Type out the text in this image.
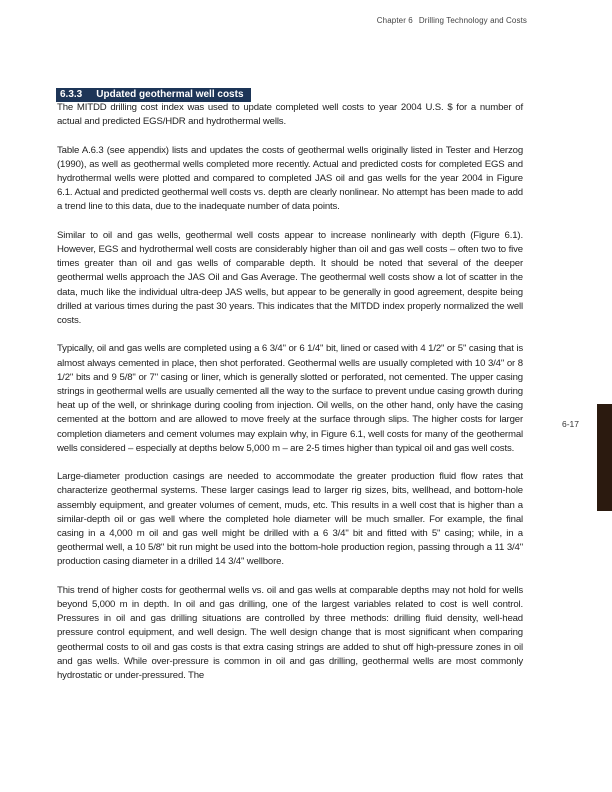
Chapter 6 Drilling Technology and Costs
6.3.3 Updated geothermal well costs

The MITDD drilling cost index was used to update completed well costs to year 2004 U.S. $ for a number of actual and predicted EGS/HDR and hydrothermal wells.

Table A.6.3 (see appendix) lists and updates the costs of geothermal wells originally listed in Tester and Herzog (1990), as well as geothermal wells completed more recently. Actual and predicted costs for completed EGS and hydrothermal wells were plotted and compared to completed JAS oil and gas wells for the year 2004 in Figure 6.1. Actual and predicted geothermal well costs vs. depth are clearly nonlinear. No attempt has been made to add a trend line to this data, due to the inadequate number of data points.

Similar to oil and gas wells, geothermal well costs appear to increase nonlinearly with depth (Figure 6.1). However, EGS and hydrothermal well costs are considerably higher than oil and gas well costs – often two to five times greater than oil and gas wells of comparable depth. It should be noted that several of the deeper geothermal wells approach the JAS Oil and Gas Average. The geothermal well costs show a lot of scatter in the data, much like the individual ultra-deep JAS wells, but appear to be generally in good agreement, despite being drilled at various times during the past 30 years. This indicates that the MITDD index properly normalized the well costs.

Typically, oil and gas wells are completed using a 6 3/4" or 6 1/4" bit, lined or cased with 4 1/2" or 5" casing that is almost always cemented in place, then shot perforated. Geothermal wells are usually completed with 10 3/4" or 8 1/2" bits and 9 5/8" or 7" casing or liner, which is generally slotted or perforated, not cemented. The upper casing strings in geothermal wells are usually cemented all the way to the surface to prevent undue casing growth during heat up of the well, or shrinkage during cooling from injection. Oil wells, on the other hand, only have the casing cemented at the bottom and are allowed to move freely at the surface through slips. The higher costs for larger completion diameters and cement volumes may explain why, in Figure 6.1, well costs for many of the geothermal wells considered – especially at depths below 5,000 m – are 2-5 times higher than typical oil and gas well costs.

Large-diameter production casings are needed to accommodate the greater production fluid flow rates that characterize geothermal systems. These larger casings lead to larger rig sizes, bits, wellhead, and bottom-hole assembly equipment, and greater volumes of cement, muds, etc. This results in a well cost that is higher than a similar-depth oil or gas well where the completed hole diameter will be much smaller. For example, the final casing in a 4,000 m oil and gas well might be drilled with a 6 3/4" bit and fitted with 5" casing; while, in a geothermal well, a 10 5/8" bit run might be used into the bottom-hole production region, passing through a 11 3/4" production casing diameter in a drilled 14 3/4" wellbore.

This trend of higher costs for geothermal wells vs. oil and gas wells at comparable depths may not hold for wells beyond 5,000 m in depth. In oil and gas drilling, one of the largest variables related to cost is well control. Pressures in oil and gas drilling situations are controlled by three methods: drilling fluid density, well-head pressure control equipment, and well design. The well design change that is most significant when comparing geothermal costs to oil and gas costs is that extra casing strings are added to shut off high-pressure zones in oil and gas wells. While over-pressure is common in oil and gas drilling, geothermal wells are most commonly hydrostatic or under-pressured. The

6-17
